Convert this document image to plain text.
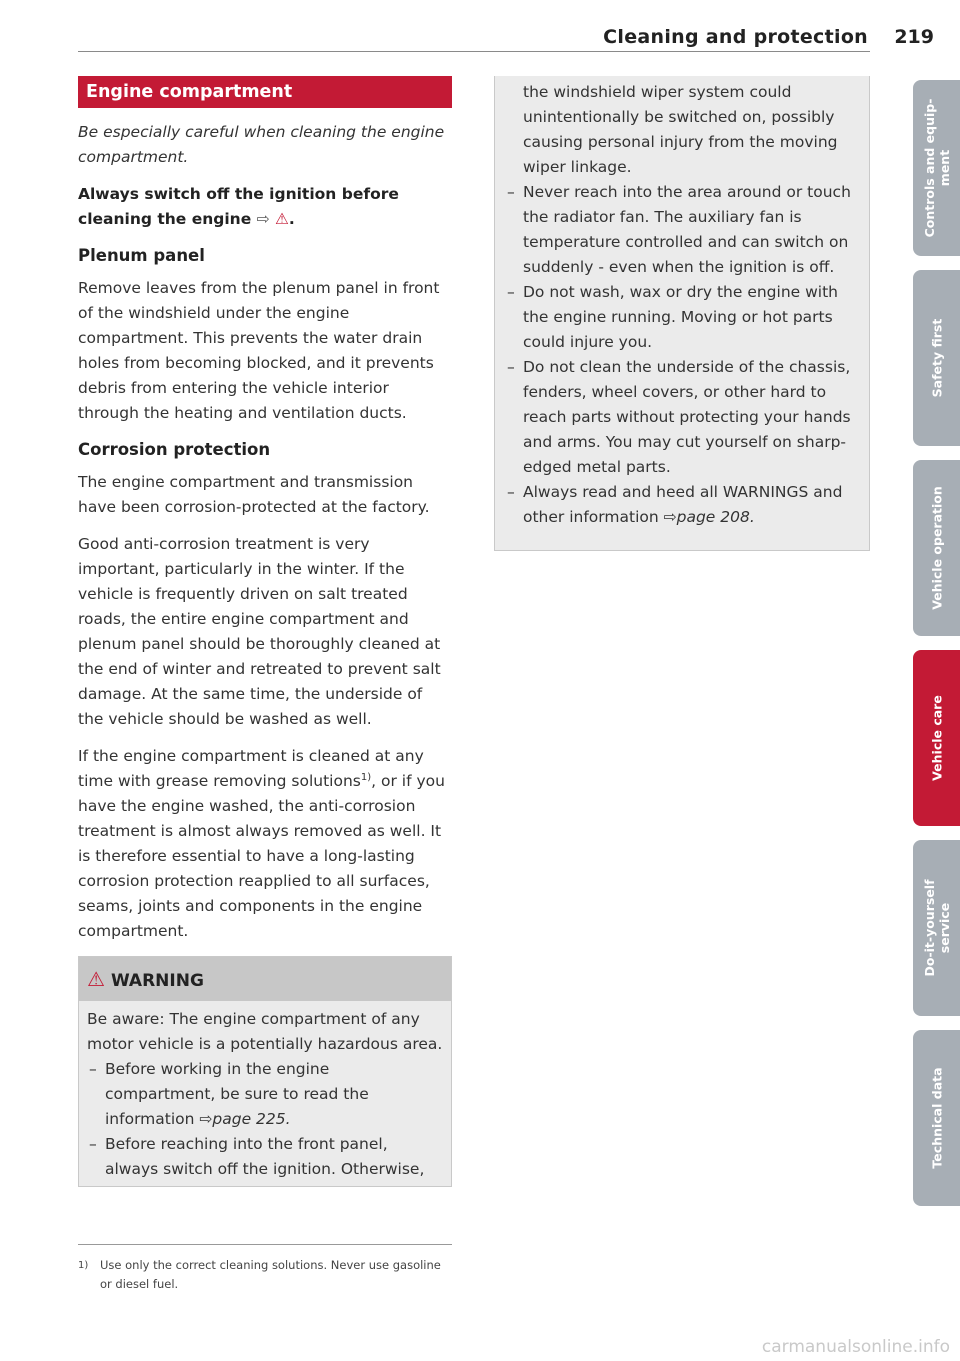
Cleaning and protection 219
Engine compartment

Be especially careful when cleaning the engine compartment.

Always switch off the ignition before cleaning the engine ⇨ ⚠.

Plenum panel

Remove leaves from the plenum panel in front of the windshield under the engine compartment. This prevents the water drain holes from becoming blocked, and it prevents debris from entering the vehicle interior through the heating and ventilation ducts.

Corrosion protection

The engine compartment and transmission have been corrosion-protected at the factory.

Good anti-corrosion treatment is very important, particularly in the winter. If the vehicle is frequently driven on salt treated roads, the entire engine compartment and plenum panel should be thoroughly cleaned at the end of winter and retreated to prevent salt damage. At the same time, the underside of the vehicle should be washed as well.

If the engine compartment is cleaned at any time with grease removing solutions$^{1)}$, or if you have the engine washed, the anti-corrosion treatment is almost always removed as well. It is therefore essential to have a long-lasting corrosion protection reapplied to all surfaces, seams, joints and components in the engine compartment.

⚠ WARNING

Be aware: The engine compartment of any motor vehicle is a potentially hazardous area.

– Before working in the engine compartment, be sure to read the information ⇨page 225.
– Before reaching into the front panel, always switch off the ignition. Otherwise,
1) Use only the correct cleaning solutions. Never use gasoline or diesel fuel.

the windshield wiper system could unintentionally be switched on, possibly causing personal injury from the moving wiper linkage.

– Never reach into the area around or touch the radiator fan. The auxiliary fan is temperature controlled and can switch on suddenly - even when the ignition is off.
– Do not wash, wax or dry the engine with the engine running. Moving or hot parts could injure you.
– Do not clean the underside of the chassis, fenders, wheel covers, or other hard to reach parts without protecting your hands and arms. You may cut yourself on sharp-edged metal parts.
– Always read and heed all WARNINGS and other information ⇨page 208.
Controls and equip-
ment
Safety first
Vehicle operation
Vehicle care
Do-it-yourself
service
Technical data
carmanualsonline.info
